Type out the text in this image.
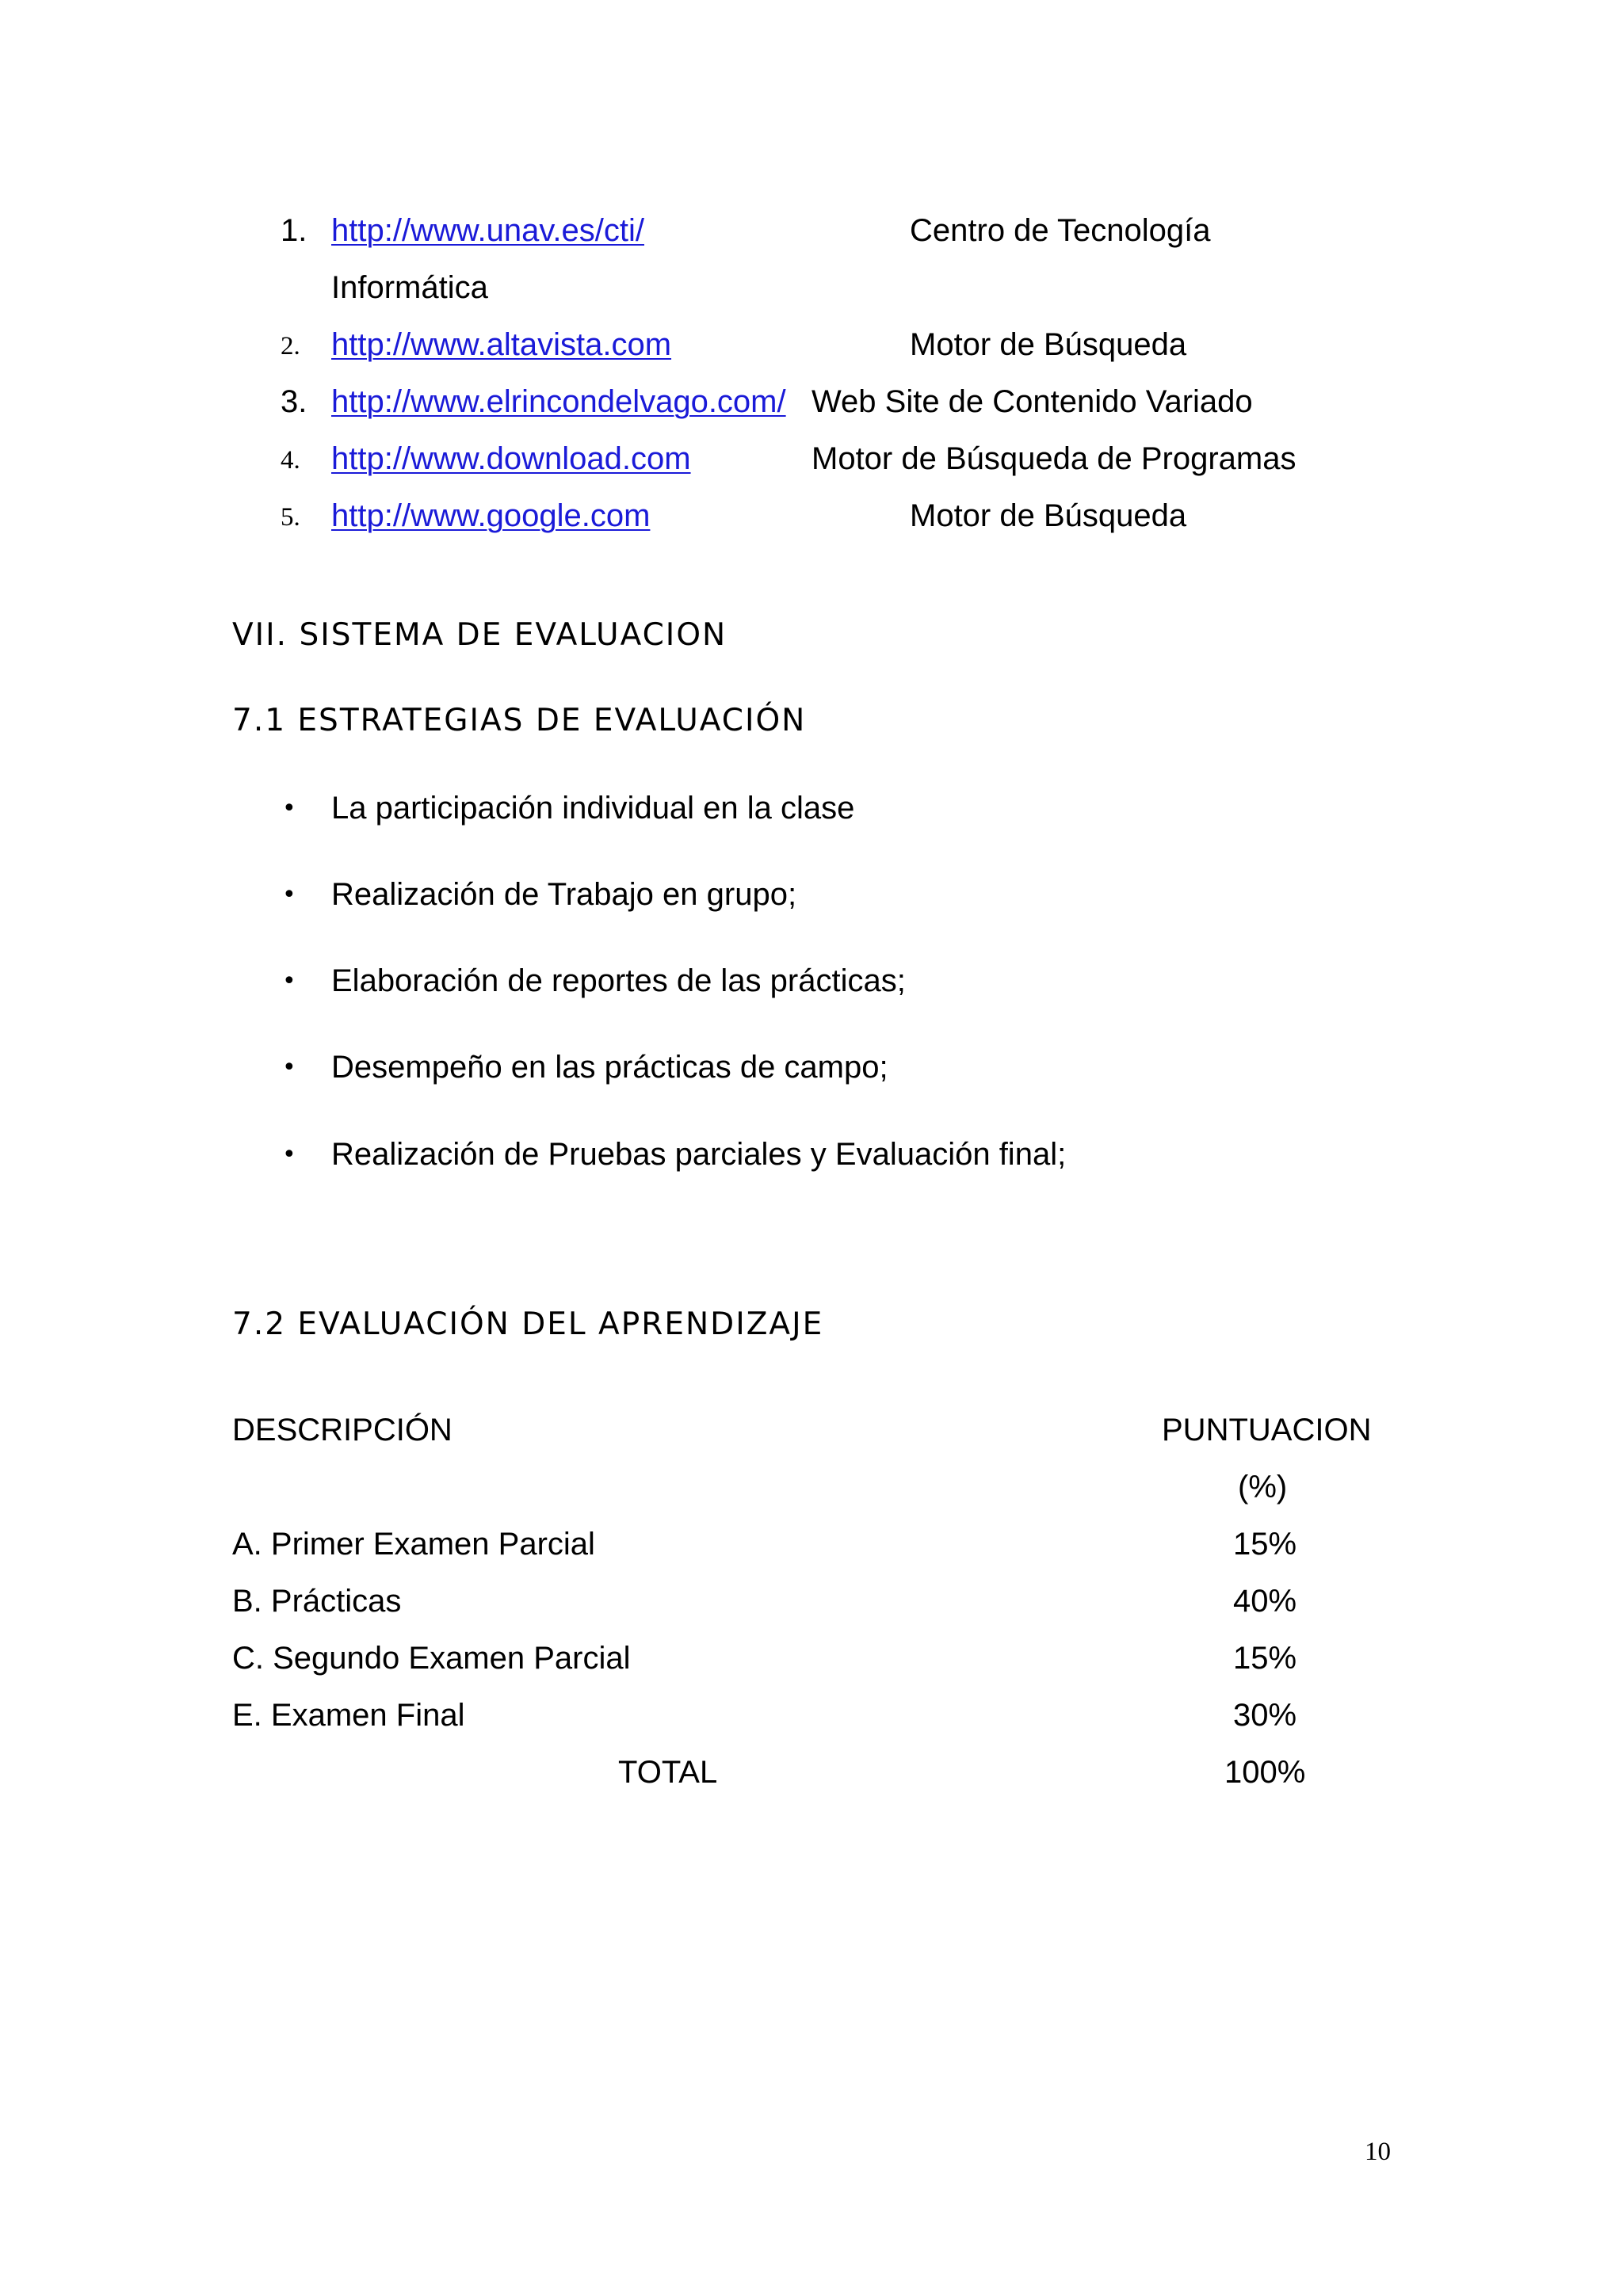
1. http://www.unav.es/cti/	Centro de Tecnología
Informática
2. http://www.altavista.com	Motor de Búsqueda
3. http://www.elrincondelvago.com/ Web Site de Contenido Variado
4. http://www.download.com	Motor de Búsqueda de Programas
5. http://www.google.com	Motor de Búsqueda
VII. SISTEMA DE EVALUACION
7.1 ESTRATEGIAS DE EVALUACIÓN
• La participación individual en la clase
• Realización de Trabajo en grupo;
• Elaboración de reportes de las prácticas;
• Desempeño en las prácticas de campo;
• Realización de Pruebas parciales y Evaluación final;
7.2 EVALUACIÓN DEL APRENDIZAJE
DESCRIPCIÓN	PUNTUACION
(%)
A. Primer Examen Parcial	15%
B. Prácticas	40%
C. Segundo Examen Parcial	15%
E. Examen Final	30%
TOTAL	100%
10
